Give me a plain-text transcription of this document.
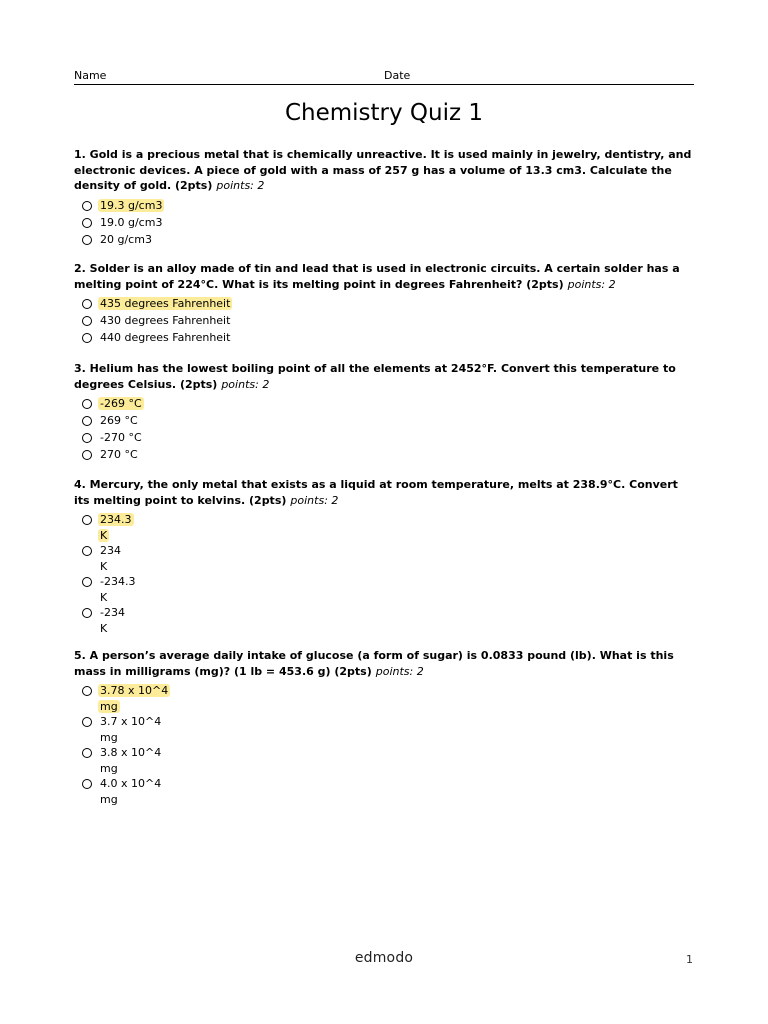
Name	Date
Chemistry Quiz 1

1. Gold is a precious metal that is chemically unreactive. It is used mainly in jewelry, dentistry, and electronic devices. A piece of gold with a mass of 257 g has a volume of 13.3 cm3. Calculate the density of gold. (2pts) points: 2

19.3 g/cm3
19.0 g/cm3
20 g/cm3

2. Solder is an alloy made of tin and lead that is used in electronic circuits. A certain solder has a melting point of 224°C. What is its melting point in degrees Fahrenheit? (2pts) points: 2

435 degrees Fahrenheit
430 degrees Fahrenheit
440 degrees Fahrenheit

3. Helium has the lowest boiling point of all the elements at 2452°F. Convert this temperature to degrees Celsius. (2pts) points: 2

-269 °C
269 °C
-270 °C
270 °C

4. Mercury, the only metal that exists as a liquid at room temperature, melts at 238.9°C. Convert its melting point to kelvins. (2pts) points: 2

234.3
K
234
K
-234.3
K
-234
K

5. A person’s average daily intake of glucose (a form of sugar) is 0.0833 pound (lb). What is this mass in milligrams (mg)? (1 lb = 453.6 g) (2pts) points: 2

3.78 x 10^4
mg
3.7 x 10^4
mg
3.8 x 10^4
mg
4.0 x 10^4
mg
edmodo	1
